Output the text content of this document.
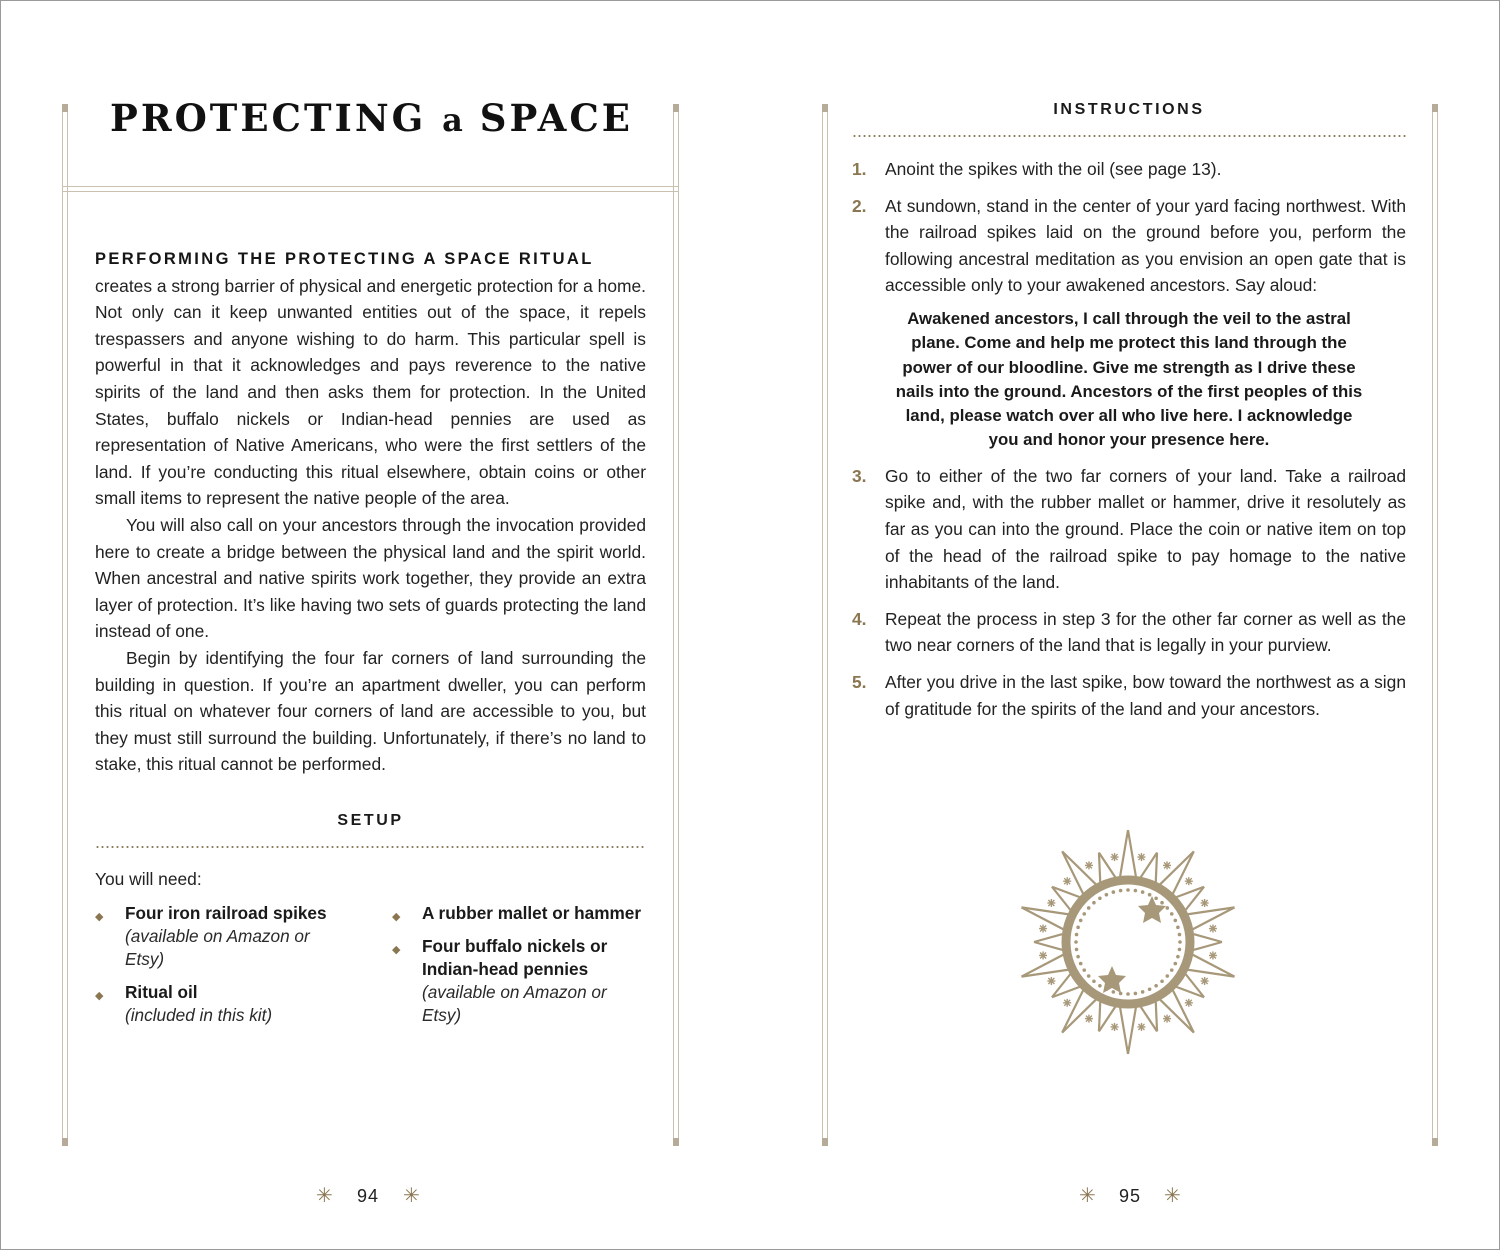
PROTECTING a SPACE

PERFORMING THE PROTECTING A SPACE RITUAL
creates a strong barrier of physical and energetic protection for a home. Not only can it keep unwanted entities out of the space, it repels trespassers and anyone wishing to do harm. This particular spell is powerful in that it acknowledges and pays reverence to the native spirits of the land and then asks them for protection. In the United States, buffalo nickels or Indian-head pennies are used as representation of Native Americans, who were the first settlers of the land. If you’re conducting this ritual elsewhere, obtain coins or other small items to represent the native people of the area.

You will also call on your ancestors through the invocation provided here to create a bridge between the physical land and the spirit world. When ancestral and native spirits work together, they provide an extra layer of protection. It’s like having two sets of guards protecting the land instead of one.

Begin by identifying the four far corners of land surrounding the building in question. If you’re an apartment dweller, you can perform this ritual on whatever four corners of land are accessible to you, but they must still surround the building. Unfortunately, if there’s no land to stake, this ritual cannot be performed.

SETUP
You will need:
◆ Four iron railroad spikes
(available on Amazon or Etsy)
◆ Ritual oil
(included in this kit)
◆ A rubber mallet or hammer
◆ Four buffalo nickels or Indian-head pennies
(available on Amazon or Etsy)
✳ 94 ✳
INSTRUCTIONS
1. Anoint the spikes with the oil (see page 13).
2. At sundown, stand in the center of your yard facing northwest. With the railroad spikes laid on the ground before you, perform the following ancestral meditation as you envision an open gate that is accessible only to your awakened ancestors. Say aloud:
Awakened ancestors, I call through the veil to the astral
plane. Come and help me protect this land through the
power of our bloodline. Give me strength as I drive these
nails into the ground. Ancestors of the first peoples of this
land, please watch over all who live here. I acknowledge
you and honor your presence here.
3. Go to either of the two far corners of your land. Take a railroad spike and, with the rubber mallet or hammer, drive it resolutely as far as you can into the ground. Place the coin or native item on top of the head of the railroad spike to pay homage to the native inhabitants of the land.
4. Repeat the process in step 3 for the other far corner as well as the two near corners of the land that is legally in your purview.
5. After you drive in the last spike, bow toward the northwest as a sign of gratitude for the spirits of the land and your ancestors.
✳ 95 ✳
